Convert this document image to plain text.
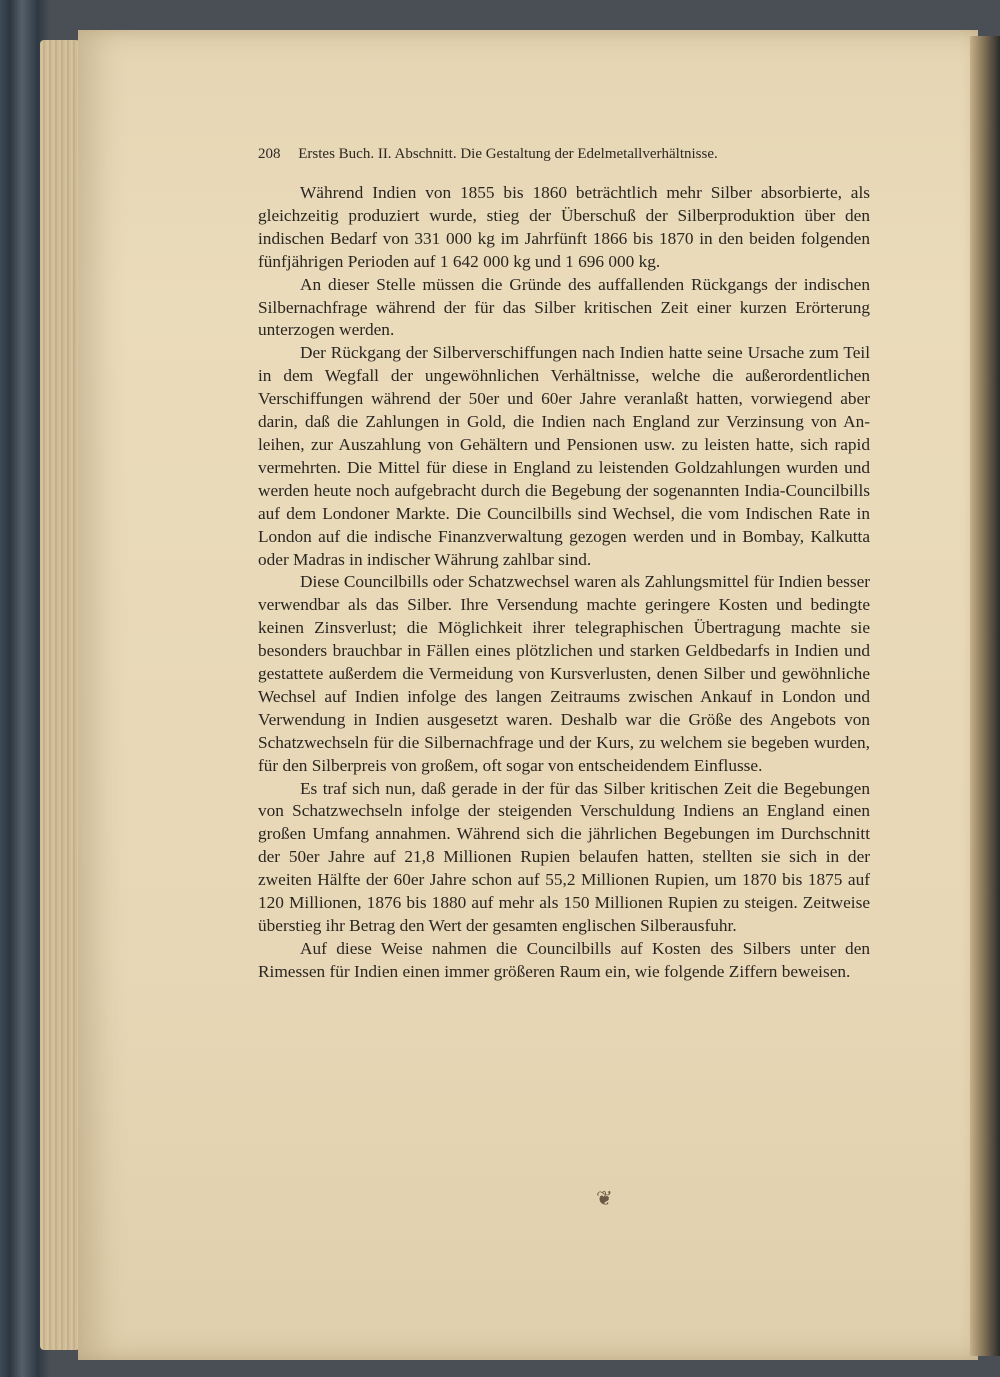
208 Erstes Buch. II. Abschnitt. Die Gestaltung der Edelmetallverhältnisse.

Während Indien von 1855 bis 1860 beträchtlich mehr Silber absorbierte, als gleichzeitig produziert wurde, stieg der Überschuß der Silberproduktion über den indischen Bedarf von 331 000 kg im Jahrfünft 1866 bis 1870 in den beiden folgenden fünfjährigen Perioden auf 1 642 000 kg und 1 696 000 kg.

An dieser Stelle müssen die Gründe des auffallenden Rückgangs der indischen Silbernachfrage während der für das Silber kritischen Zeit einer kurzen Erörterung unterzogen werden.

Der Rückgang der Silberverschiffungen nach Indien hatte seine Ursache zum Teil in dem Wegfall der ungewöhnlichen Verhältnisse, welche die außerordentlichen Verschiffungen während der 50er und 60er Jahre veranlaßt hatten, vorwiegend aber darin, daß die Zahlungen in Gold, die Indien nach England zur Verzinsung von Anleihen, zur Auszahlung von Gehältern und Pensionen usw. zu leisten hatte, sich rapid vermehrten. Die Mittel für diese in England zu leistenden Goldzahlungen wurden und werden heute noch aufgebracht durch die Begebung der sogenannten India-Councilbills auf dem Londoner Markte. Die Councilbills sind Wechsel, die vom Indischen Rate in London auf die indische Finanzverwaltung gezogen werden und in Bombay, Kalkutta oder Madras in indischer Währung zahlbar sind.

Diese Councilbills oder Schatzwechsel waren als Zahlungsmittel für Indien besser verwendbar als das Silber. Ihre Versendung machte geringere Kosten und bedingte keinen Zinsverlust; die Möglichkeit ihrer telegraphischen Übertragung machte sie besonders brauchbar in Fällen eines plötzlichen und starken Geldbedarfs in Indien und gestattete außerdem die Vermeidung von Kursverlusten, denen Silber und gewöhnliche Wechsel auf Indien infolge des langen Zeitraums zwischen Ankauf in London und Verwendung in Indien ausgesetzt waren. Deshalb war die Größe des Angebots von Schatzwechseln für die Silbernachfrage und der Kurs, zu welchem sie begeben wurden, für den Silberpreis von großem, oft sogar von entscheidendem Einflusse.

Es traf sich nun, daß gerade in der für das Silber kritischen Zeit die Begebungen von Schatzwechseln infolge der steigenden Verschuldung Indiens an England einen großen Umfang annahmen. Während sich die jährlichen Begebungen im Durchschnitt der 50er Jahre auf 21,8 Millionen Rupien belaufen hatten, stellten sie sich in der zweiten Hälfte der 60er Jahre schon auf 55,2 Millionen Rupien, um 1870 bis 1875 auf 120 Millionen, 1876 bis 1880 auf mehr als 150 Millionen Rupien zu steigen. Zeitweise überstieg ihr Betrag den Wert der gesamten englischen Silberausfuhr.

Auf diese Weise nahmen die Councilbills auf Kosten des Silbers unter den Rimessen für Indien einen immer größeren Raum ein, wie folgende Ziffern beweisen.

❦
